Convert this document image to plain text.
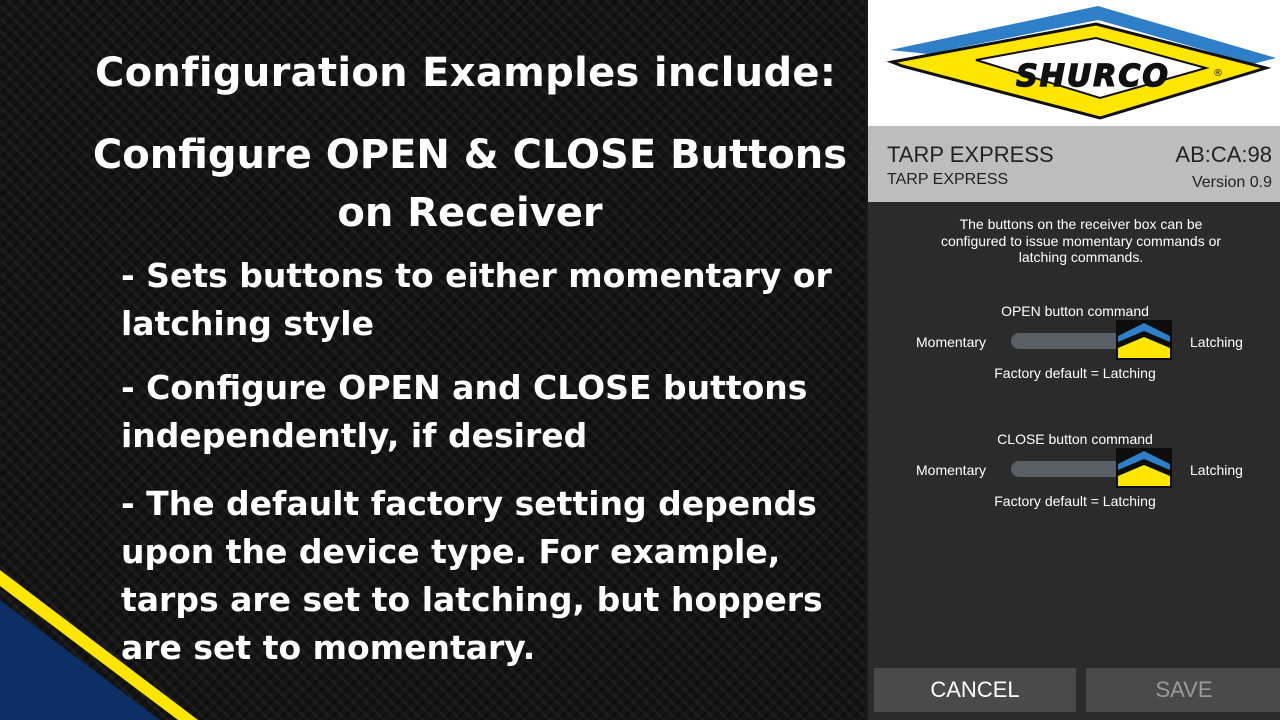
Configuration Examples include:
Configure OPEN & CLOSE Buttons on Receiver
- Sets buttons to either momentary or latching style
- Configure OPEN and CLOSE buttons independently, if desired
- The default factory setting depends upon the device type. For example, tarps are set to latching, but hoppers are set to momentary.
SHURCO	®
TARP EXPRESS
TARP EXPRESS
AB:CA:98
Version 0.9
The buttons on the receiver box can be configured to issue momentary commands or latching commands.
OPEN button command
Momentary	Latching
Factory default = Latching
CLOSE button command
Momentary	Latching
Factory default = Latching
CANCEL	SAVE
